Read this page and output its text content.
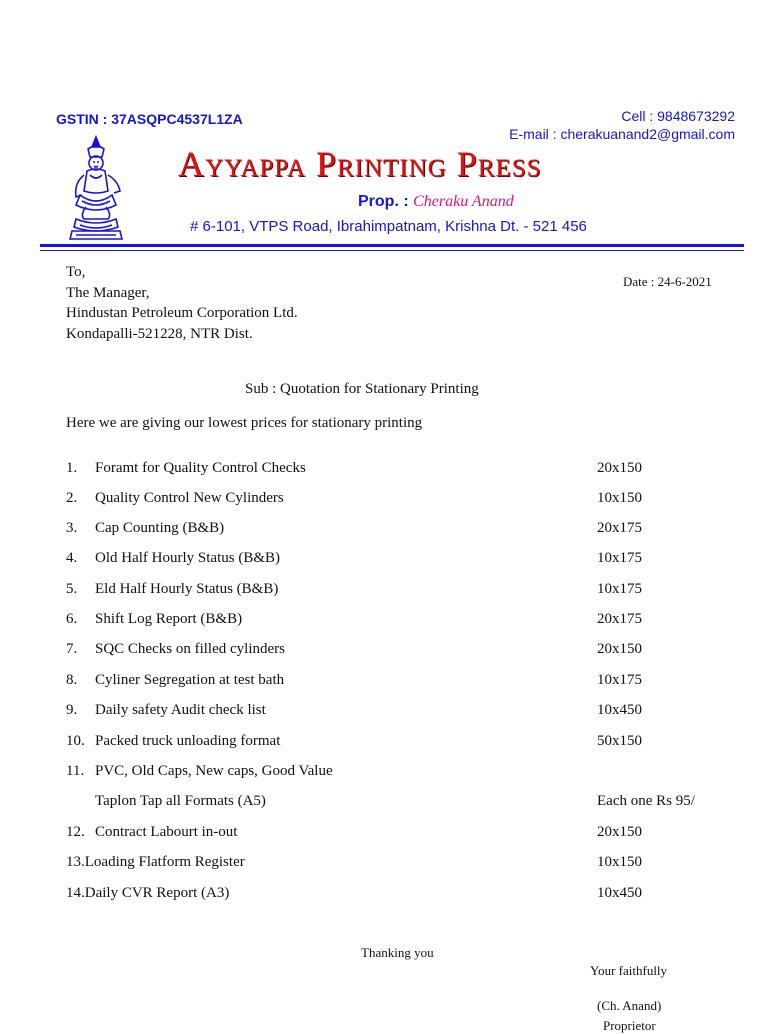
GSTIN : 37ASQPC4537L1ZA	Cell : 9848673292
E-mail : cherakuanand2@gmail.com
Ayyappa Printing Press
Prop. : Cheraku Anand
# 6-101, VTPS Road, Ibrahimpatnam, Krishna Dt. - 521 456
To,
The Manager,
Hindustan Petroleum Corporation Ltd.
Kondapalli-521228, NTR Dist.
Date : 24-6-2021
Sub : Quotation for Stationary Printing
Here we are giving our lowest prices for stationary printing
1. Foramt for Quality Control Checks	20x150
2. Quality Control New Cylinders	10x150
3. Cap Counting (B&B)	20x175
4. Old Half Hourly Status (B&B)	10x175
5. Eld Half Hourly Status (B&B)	10x175
6. Shift Log Report (B&B)	20x175
7. SQC Checks on filled cylinders	20x150
8. Cyliner Segregation at test bath	10x175
9. Daily safety Audit check list	10x450
10. Packed truck unloading format	50x150
11. PVC, Old Caps, New caps, Good Value
Taplon Tap all Formats (A5)	Each one Rs 95/
12. Contract Labourt in-out	20x150
13.Loading Flatform Register	10x150
14.Daily CVR Report (A3)	10x450
Thanking you
Your faithfully
(Ch. Anand)
Proprietor
